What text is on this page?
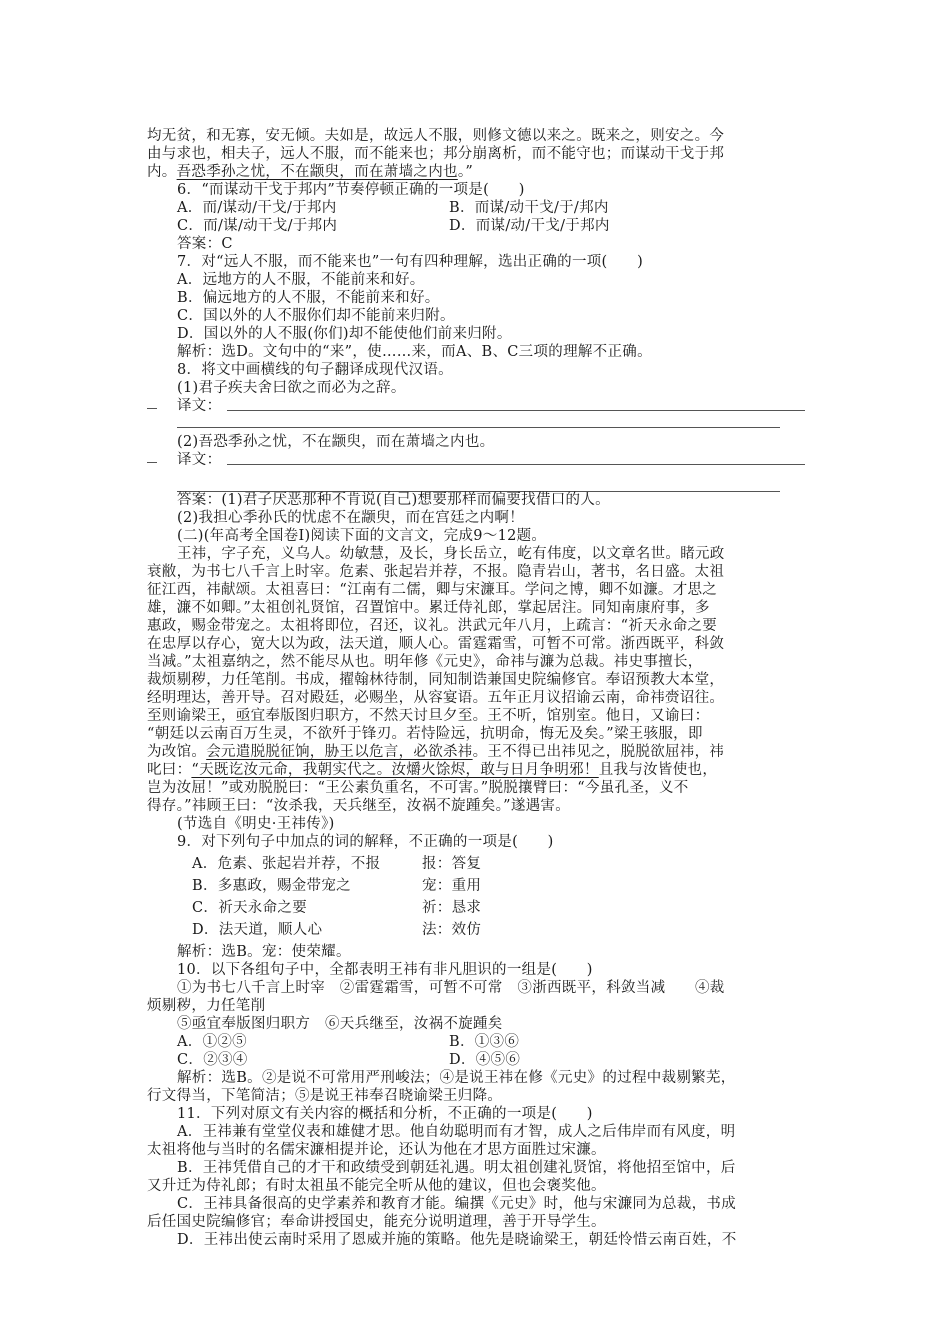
均无贫，和无寡，安无倾。夫如是，故远人不服，则修文德以来之。既来之，则安之。今
由与求也，相夫子，远人不服，而不能来也；邦分崩离析，而不能守也；而谋动干戈于邦
内。吾恐季孙之忧，不在颛臾，而在萧墙之内也。”
6．“而谋动干戈于邦内”节奏停顿正确的一项是(　　)
A．而/谋动/干戈/于邦内	B．而谋/动干戈/于/邦内
C．而/谋/动干戈/于邦内	D．而谋/动/干戈/于邦内
答案：C
7．对“远人不服，而不能来也”一句有四种理解，选出正确的一项(　　)
A．远地方的人不服，不能前来和好。
B．偏远地方的人不服，不能前来和好。
C．国以外的人不服你们却不能前来归附。
D．国以外的人不服(你们)却不能使他们前来归附。
解析：选D。文句中的“来”，使……来，而A、B、C三项的理解不正确。
8．将文中画横线的句子翻译成现代汉语。
(1)君子疾夫舍曰欲之而必为之辞。
译文：
(2)吾恐季孙之忧，不在颛臾，而在萧墙之内也。
译文：
答案：(1)君子厌恶那种不肯说(自己)想要那样而偏要找借口的人。
(2)我担心季孙氏的忧虑不在颛臾，而在宫廷之内啊！
(二)(年高考全国卷Ⅰ)阅读下面的文言文，完成9～12题。
王祎，字子充，义乌人。幼敏慧，及长，身长岳立，屹有伟度，以文章名世。睹元政
衰敝，为书七八千言上时宰。危素、张起岩并荐，不报。隐青岩山，著书，名日盛。太祖
征江西，祎献颂。太祖喜曰：“江南有二儒，卿与宋濂耳。学问之博，卿不如濂。才思之
雄，濂不如卿。”太祖创礼贤馆，召置馆中。累迁侍礼郎，掌起居注。同知南康府事，多
惠政，赐金带宠之。太祖将即位，召还，议礼。洪武元年八月，上疏言：“祈天永命之要
在忠厚以存心，宽大以为政，法天道，顺人心。雷霆霜雪，可暂不可常。浙西既平，科敛
当减。”太祖嘉纳之，然不能尽从也。明年修《元史》，命祎与濂为总裁。祎史事擅长，
裁烦剔秽，力任笔削。书成，擢翰林待制，同知制诰兼国史院编修官。奉诏预教大本堂，
经明理达，善开导。召对殿廷，必赐坐，从容宴语。五年正月议招谕云南，命祎赍诏往。
至则谕梁王，亟宜奉版图归职方，不然天讨旦夕至。王不听，馆别室。他日，又谕曰：
“朝廷以云南百万生灵，不欲歼于锋刃。若恃险远，抗明命，悔无及矣。”梁王骇服，即
为改馆。会元遣脱脱征饷，胁王以危言，必欲杀祎。王不得已出祎见之，脱脱欲屈祎，祎
叱曰：“天既讫汝元命，我朝实代之。汝爝火馀烬，敢与日月争明邪！且我与汝皆使也，
岂为汝屈！”或劝脱脱曰：“王公素负重名，不可害。”脱脱攘臂曰：“今虽孔圣，义不
得存。”祎顾王曰：“汝杀我，天兵继至，汝祸不旋踵矣。”遂遇害。
(节选自《明史·王祎传》)
9．对下列句子中加点的词的解释，不正确的一项是(　　)
A．危素、张起岩并荐，不报	报：答复
B．多惠政，赐金带宠之	宠：重用
C．祈天永命之要	祈：恳求
D．法天道，顺人心	法：效仿
解析：选B。宠：使荣耀。
10．以下各组句子中，全都表明王祎有非凡胆识的一组是(　　)
①为书七八千言上时宰　②雷霆霜雪，可暂不可常　③浙西既平，科敛当减　　④裁
烦剔秽，力任笔削
⑤亟宜奉版图归职方　⑥天兵继至，汝祸不旋踵矣
A．①②⑤	B．①③⑥
C．②③④	D．④⑤⑥
解析：选B。②是说不可常用严刑峻法；④是说王祎在修《元史》的过程中裁剔繁芜，
行文得当，下笔简洁；⑤是说王祎奉召晓谕梁王归降。
11．下列对原文有关内容的概括和分析，不正确的一项是(　　)
A．王祎兼有堂堂仪表和雄健才思。他自幼聪明而有才智，成人之后伟岸而有风度，明
太祖将他与当时的名儒宋濂相提并论，还认为他在才思方面胜过宋濂。
B．王祎凭借自己的才干和政绩受到朝廷礼遇。明太祖创建礼贤馆，将他招至馆中，后
又升迁为侍礼郎；有时太祖虽不能完全听从他的建议，但也会褒奖他。
C．王祎具备很高的史学素养和教育才能。编撰《元史》时，他与宋濂同为总裁，书成
后任国史院编修官；奉命讲授国史，能充分说明道理，善于开导学生。
D．王祎出使云南时采用了恩威并施的策略。他先是晓谕梁王，朝廷怜惜云南百姓，不
